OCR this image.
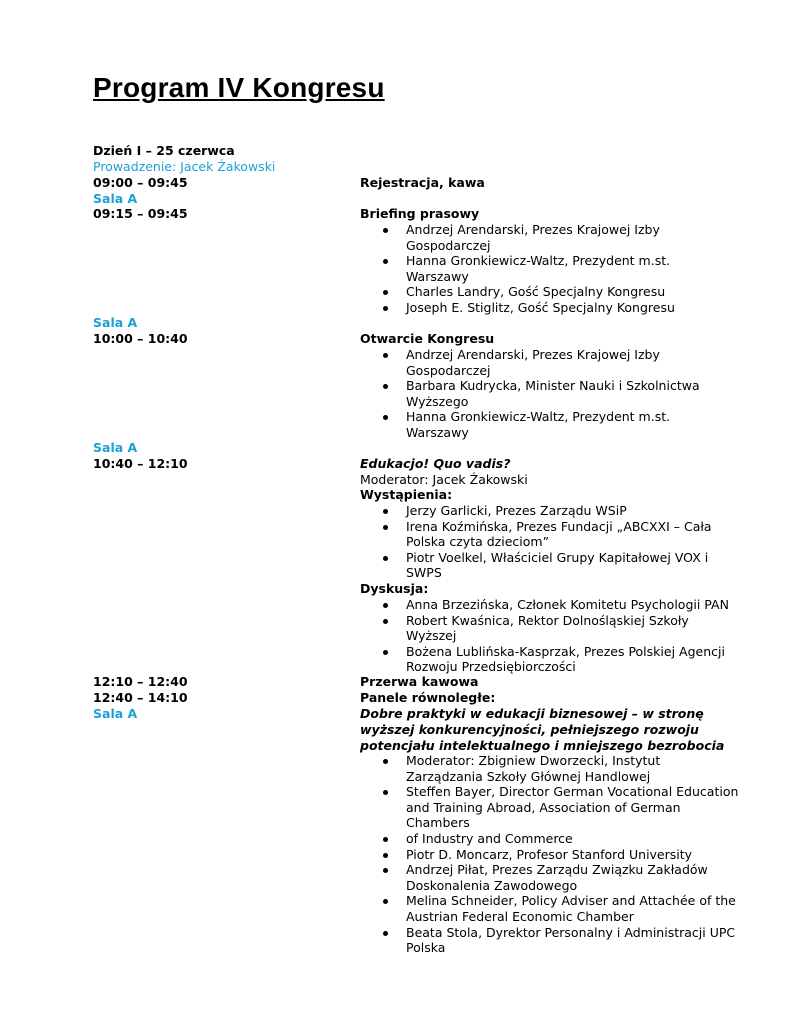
Program IV Kongresu
Dzień I – 25 czerwca
Prowadzenie: Jacek Żakowski
09:00 – 09:45
Sala A
09:15 – 09:45
Sala A
10:00 – 10:40
Sala A
10:40 – 12:10
12:10 – 12:40
12:40 – 14:10
Sala A
Rejestracja, kawa
Briefing prasowy
Andrzej Arendarski, Prezes Krajowej Izby
Gospodarczej
Hanna Gronkiewicz-Waltz, Prezydent m.st.
Warszawy
Charles Landry, Gość Specjalny Kongresu
Joseph E. Stiglitz, Gość Specjalny Kongresu
Otwarcie Kongresu
Andrzej Arendarski, Prezes Krajowej Izby
Gospodarczej
Barbara Kudrycka, Minister Nauki i Szkolnictwa
Wyższego
Hanna Gronkiewicz-Waltz, Prezydent m.st.
Warszawy
Edukacjo! Quo vadis?
Moderator: Jacek Żakowski
Wystąpienia:
Jerzy Garlicki, Prezes Zarządu WSiP
Irena Koźmińska, Prezes Fundacji „ABCXXI – Cała
Polska czyta dzieciom”
Piotr Voelkel, Właściciel Grupy Kapitałowej VOX i
SWPS
Dyskusja:
Anna Brzezińska, Członek Komitetu Psychologii PAN
Robert Kwaśnica, Rektor Dolnośląskiej Szkoły
Wyższej
Bożena Lublińska-Kasprzak, Prezes Polskiej Agencji
Rozwoju Przedsiębiorczości
Przerwa kawowa
Panele równoległe:
Dobre praktyki w edukacji biznesowej – w stronę
wyższej konkurencyjności, pełniejszego rozwoju
potencjału intelektualnego i mniejszego bezrobocia
Moderator: Zbigniew Dworzecki, Instytut
Zarządzania Szkoły Głównej Handlowej
Steffen Bayer, Director German Vocational Education
and Training Abroad, Association of German
Chambers
of Industry and Commerce
Piotr D. Moncarz, Profesor Stanford University
Andrzej Piłat, Prezes Zarządu Związku Zakładów
Doskonalenia Zawodowego
Melina Schneider, Policy Adviser and Attachée of the
Austrian Federal Economic Chamber
Beata Stola, Dyrektor Personalny i Administracji UPC
Polska
